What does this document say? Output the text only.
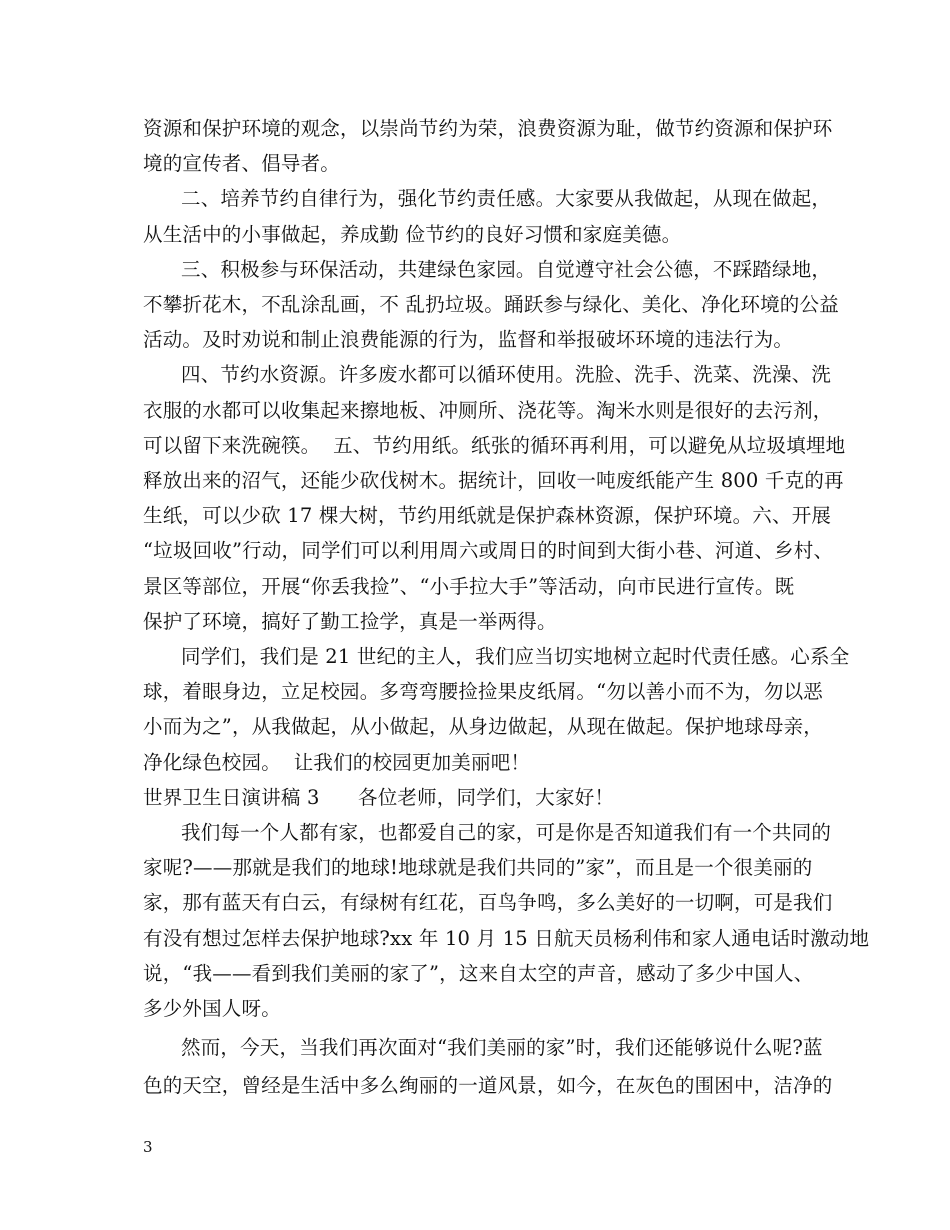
资源和保护环境的观念，以崇尚节约为荣，浪费资源为耻，做节约资源和保护环
境的宣传者、倡导者。
二、培养节约自律行为，强化节约责任感。大家要从我做起，从现在做起，
从生活中的小事做起，养成勤 俭节约的良好习惯和家庭美德。
三、积极参与环保活动，共建绿色家园。自觉遵守社会公德，不踩踏绿地，
不攀折花木，不乱涂乱画，不 乱扔垃圾。踊跃参与绿化、美化、净化环境的公益
活动。及时劝说和制止浪费能源的行为，监督和举报破坏环境的违法行为。
四、节约水资源。许多废水都可以循环使用。洗脸、洗手、洗菜、洗澡、洗
衣服的水都可以收集起来擦地板、冲厕所、浇花等。淘米水则是很好的去污剂，
可以留下来洗碗筷。  五、节约用纸。纸张的循环再利用，可以避免从垃圾填埋地
释放出来的沼气，还能少砍伐树木。据统计，回收一吨废纸能产生 800 千克的再
生纸，可以少砍 17 棵大树，节约用纸就是保护森林资源，保护环境。六、开展
“垃圾回收”行动，同学们可以利用周六或周日的时间到大街小巷、河道、乡村、
景区等部位，开展“你丢我捡”、“小手拉大手”等活动，向市民进行宣传。既
保护了环境，搞好了勤工捡学，真是一举两得。
同学们，我们是 21 世纪的主人，我们应当切实地树立起时代责任感。心系全
球，着眼身边，立足校园。多弯弯腰捡捡果皮纸屑。“勿以善小而不为，勿以恶
小而为之”，从我做起，从小做起，从身边做起，从现在做起。保护地球母亲，
净化绿色校园。  让我们的校园更加美丽吧！
世界卫生日演讲稿 3      各位老师，同学们，大家好！
我们每一个人都有家，也都爱自己的家，可是你是否知道我们有一个共同的
家呢?——那就是我们的地球!地球就是我们共同的”家”，而且是一个很美丽的
家，那有蓝天有白云，有绿树有红花，百鸟争鸣，多么美好的一切啊，可是我们
有没有想过怎样去保护地球?xx 年 10 月 15 日航天员杨利伟和家人通电话时激动地
说，“我——看到我们美丽的家了”，这来自太空的声音，感动了多少中国人、
多少外国人呀。
然而，今天，当我们再次面对“我们美丽的家”时，我们还能够说什么呢?蓝
色的天空，曾经是生活中多么绚丽的一道风景，如今，在灰色的围困中，洁净的
3
